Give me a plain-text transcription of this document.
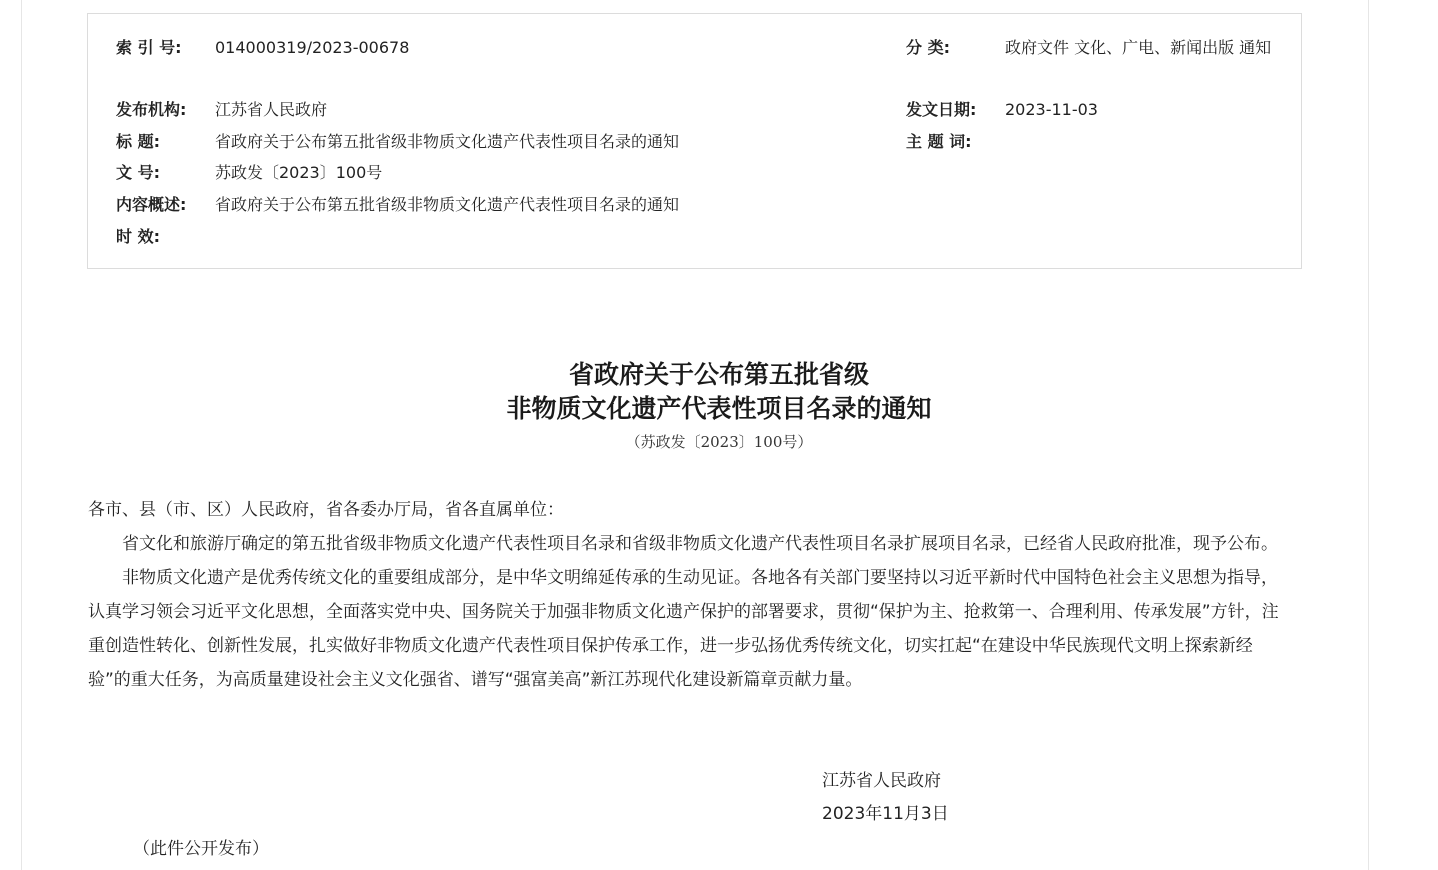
索 引 号:	014000319/2023-00678
发布机构:	江苏省人民政府
标 题:	省政府关于公布第五批省级非物质文化遗产代表性项目名录的通知
文 号:	苏政发〔2023〕100号
内容概述:	省政府关于公布第五批省级非物质文化遗产代表性项目名录的通知
时 效:
分 类:	政府文件 文化、广电、新闻出版 通知
发文日期:	2023-11-03
主 题 词:
省政府关于公布第五批省级
非物质文化遗产代表性项目名录的通知
（苏政发〔2023〕100号）

各市、县（市、区）人民政府，省各委办厅局，省各直属单位：

省文化和旅游厅确定的第五批省级非物质文化遗产代表性项目名录和省级非物质文化遗产代表性项目名录扩展项目名录，已经省人民政府批准，现予公布。

非物质文化遗产是优秀传统文化的重要组成部分，是中华文明绵延传承的生动见证。各地各有关部门要坚持以习近平新时代中国特色社会主义思想为指导，认真学习领会习近平文化思想，全面落实党中央、国务院关于加强非物质文化遗产保护的部署要求，贯彻“保护为主、抢救第一、合理利用、传承发展”方针，注重创造性转化、创新性发展，扎实做好非物质文化遗产代表性项目保护传承工作，进一步弘扬优秀传统文化，切实扛起“在建设中华民族现代文明上探索新经验”的重大任务，为高质量建设社会主义文化强省、谱写“强富美高”新江苏现代化建设新篇章贡献力量。

江苏省人民政府
2023年11月3日
（此件公开发布）
